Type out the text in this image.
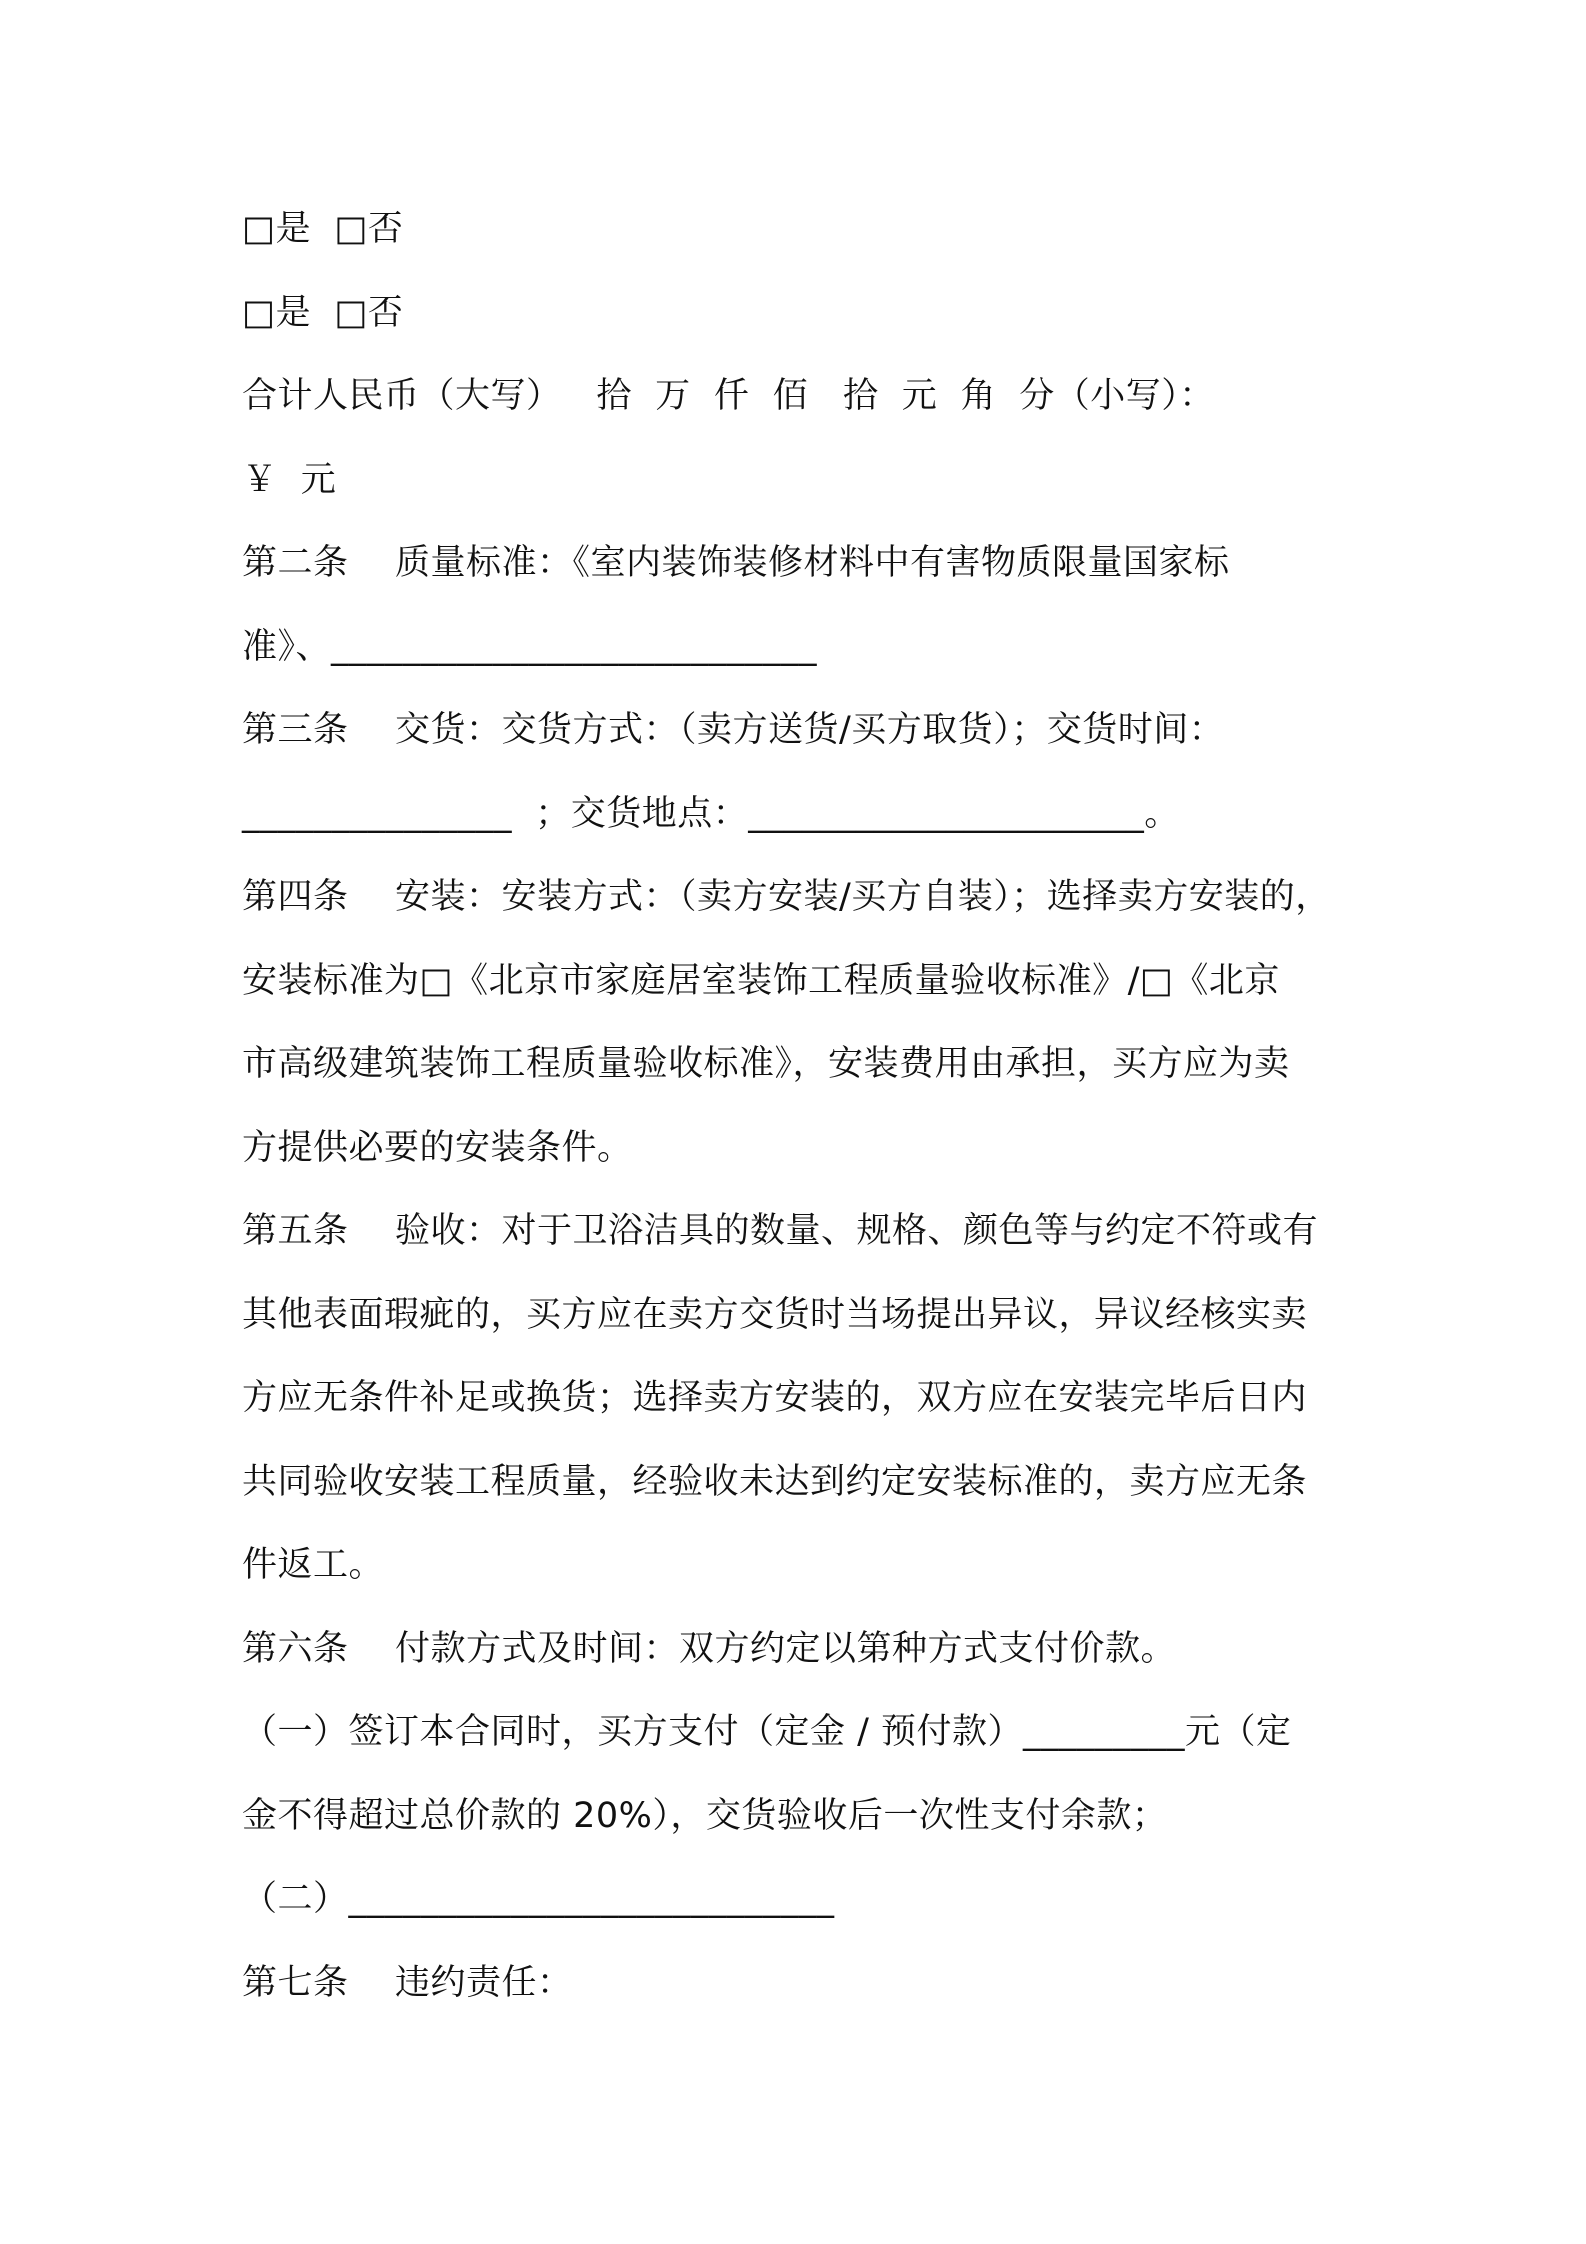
□是  □否
□是  □否
合计人民币（大写）   拾  万  仟  佰   拾  元  角  分（小写）：
￥  元
第二条    质量标准：《室内装饰装修材料中有害物质限量国家标
准》、___________________________
第三条    交货：交货方式：（卖方送货/买方取货）；交货时间：
_______________  ；交货地点：______________________。
第四条    安装：安装方式：（卖方安装/买方自装）；选择卖方安装的，
安装标准为□《北京市家庭居室装饰工程质量验收标准》/□《北京
市高级建筑装饰工程质量验收标准》，安装费用由承担，买方应为卖
方提供必要的安装条件。
第五条    验收：对于卫浴洁具的数量、规格、颜色等与约定不符或有
其他表面瑕疵的，买方应在卖方交货时当场提出异议，异议经核实卖
方应无条件补足或换货；选择卖方安装的，双方应在安装完毕后日内
共同验收安装工程质量，经验收未达到约定安装标准的，卖方应无条
件返工。
第六条    付款方式及时间：双方约定以第种方式支付价款。
（一）签订本合同时，买方支付（定金 / 预付款）_________元（定
金不得超过总价款的 20%），交货验收后一次性支付余款；
（二）___________________________
第七条    违约责任：
